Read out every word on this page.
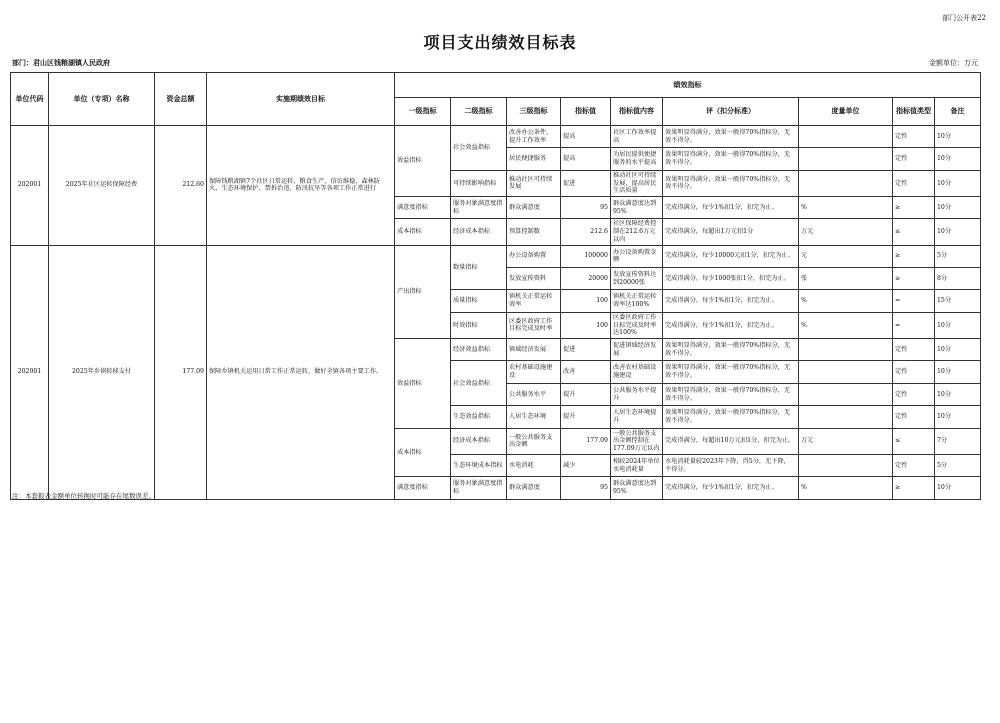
部门公开表22
项目支出绩效目标表
部门：君山区钱粮湖镇人民政府	金额单位：万元
单位代码	单位（专项）名称	资金总额	实施期绩效目标	绩效指标								
				一级指标	二级指标	三级指标	指标值	指标值内容	评（扣分标准）	度量单位	指标值类型	备注
202001	2025年社区运转保障经费	212.60	保障钱粮湖镇7个社区日常运转，粮食生产、信访维稳、森林防火、生态环境保护、禁拆治违、防汛抗旱等各项工作正常进行	效益指标	社会效益指标	改善办公条件，提升工作效率	提高	社区工作效率提高	效果明显得满分，效果一般得70%指标分，无效不得分。		定性	10分
						居民便捷服务	提高	为居民提供便捷服务的水平提高	效果明显得满分，效果一般得70%指标分，无效不得分。		定性	10分
					可持续影响指标	推动社区可持续发展	促进	推动社区可持续发展，提高居民生活质量	效果明显得满分，效果一般得70%指标分，无效不得分。		定性	10分
				满意度指标	服务对象满意度指标	群众满意度	95	群众满意度达到95%	完成得满分，每少1%扣1分，扣完为止。	%	≥	10分
				成本指标	经济成本指标	预算控制数	212.6	社区保障经费控制在212.6万元以内	完成得满分，每超出1万元扣1分	万元	≤	10分
202001	2025年乡镇转移支付	177.09	保障乡镇机关运用日常工作正常运转，做好全镇各项主要工作。	产出指标	数量指标	办公设备购置	100000	办公设备购置金额	完成得满分，每少10000元扣1分，扣完为止。	元	≥	5分
						发放宣传资料	20000	发放宣传资料达到20000张	完成得满分，每少1000张扣1分，扣完为止。	张	≥	8分
					质量指标	镇机关正常运转效率	100	镇机关正常运转效率达100%	完成得满分，每少1%扣1分，扣完为止。	%	=	15分
					时效指标	区委区政府工作目标完成及时率	100	区委区政府工作目标完成及时率达100%	完成得满分，每少1%扣1分，扣完为止。	%	=	10分
				效益指标	经济效益指标	镇域经济发展	促进	促进镇域经济发展	效果明显得满分，效果一般得70%指标分，无效不得分。		定性	10分
					社会效益指标	农村基础设施建设	改善	改善农村基础设施建设	效果明显得满分，效果一般得70%指标分，无效不得分。		定性	10分
						公共服务水平	提升	公共服务水平提升	效果明显得满分，效果一般得70%指标分，无效不得分。		定性	10分
					生态效益指标	人居生态环境	提升	人居生态环境提升	效果明显得满分，效果一般得70%指标分，无效不得分。		定性	10分
				成本指标	经济成本指标	一般公共服务支出金额	177.09	一般公共服务支出金额控制在177.09万元以内	完成得满分，每超出10万元扣1分，扣完为止。	万元	≤	7分
					生态环境成本指标	水电消耗	减少	相较2024年单位水电消耗量	水电消耗量较2023年下降，得5分，无下降，不得分。		定性	5分
				满意度指标	服务对象满意度指标	群众满意度	95	群众满意度达到95%	完成得满分，每少1%扣1分，扣完为止。	%	≥	10分
注：本套报表金额单位转换时可能存在尾数误差。
